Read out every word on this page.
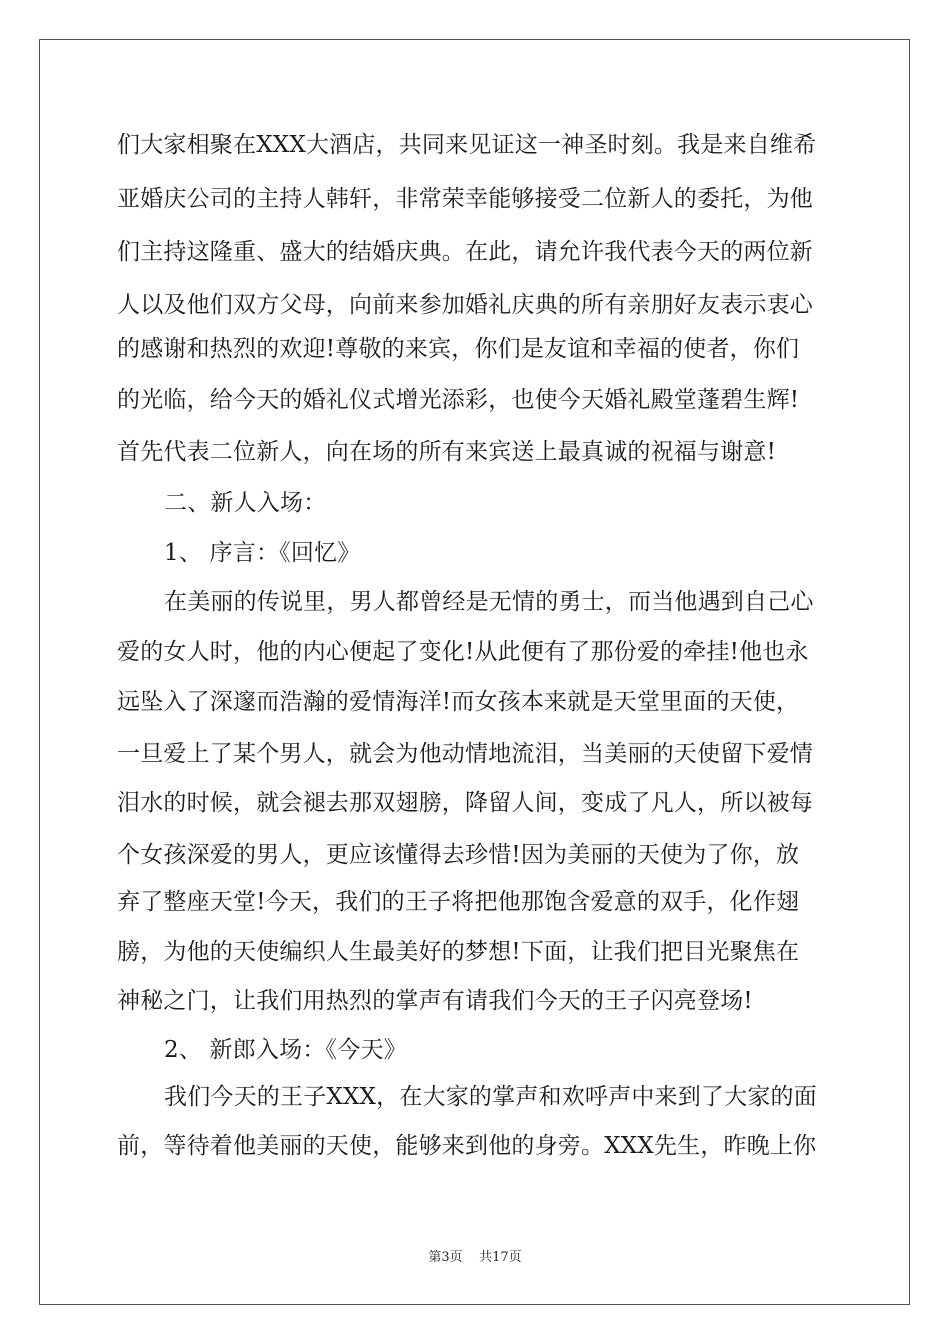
们大家相聚在XXX大酒店，共同来见证这一神圣时刻。我是来自维希
亚婚庆公司的主持人韩轩，非常荣幸能够接受二位新人的委托，为他
们主持这隆重、盛大的结婚庆典。在此，请允许我代表今天的两位新
人以及他们双方父母，向前来参加婚礼庆典的所有亲朋好友表示衷心
的感谢和热烈的欢迎!尊敬的来宾，你们是友谊和幸福的使者，你们
的光临，给今天的婚礼仪式增光添彩，也使今天婚礼殿堂蓬碧生辉!
首先代表二位新人，向在场的所有来宾送上最真诚的祝福与谢意!
二、新人入场：
1、 序言：《回忆》
在美丽的传说里，男人都曾经是无情的勇士，而当他遇到自己心
爱的女人时，他的内心便起了变化!从此便有了那份爱的牵挂!他也永
远坠入了深邃而浩瀚的爱情海洋!而女孩本来就是天堂里面的天使，
一旦爱上了某个男人，就会为他动情地流泪，当美丽的天使留下爱情
泪水的时候，就会褪去那双翅膀，降留人间，变成了凡人，所以被每
个女孩深爱的男人，更应该懂得去珍惜!因为美丽的天使为了你，放
弃了整座天堂!今天，我们的王子将把他那饱含爱意的双手，化作翅
膀，为他的天使编织人生最美好的梦想!下面，让我们把目光聚焦在
神秘之门，让我们用热烈的掌声有请我们今天的王子闪亮登场!
2、 新郎入场：《今天》
我们今天的王子XXX，在大家的掌声和欢呼声中来到了大家的面
前，等待着他美丽的天使，能够来到他的身旁。XXX先生，昨晚上你
第3页 共17页
